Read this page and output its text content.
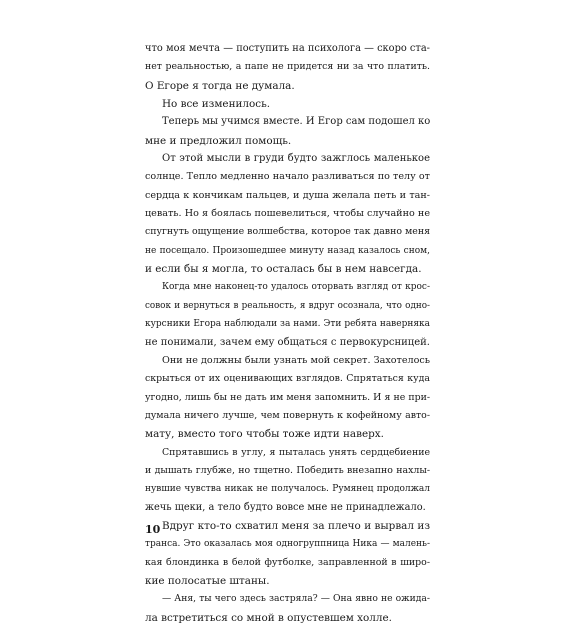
что моя мечта — поступить на психолога — скоро ста-
нет реальностью, а папе не придется ни за что платить.
О Егоре я тогда не думала.
Но все изменилось.
Теперь мы учимся вместе. И Егор сам подошел ко
мне и предложил помощь.
От этой мысли в груди будто зажглось маленькое
солнце. Тепло медленно начало разливаться по телу от
сердца к кончикам пальцев, и душа желала петь и тан-
цевать. Но я боялась пошевелиться, чтобы случайно не
спугнуть ощущение волшебства, которое так давно меня
не посещало. Произошедшее минуту назад казалось сном,
и если бы я могла, то осталась бы в нем навсегда.
Когда мне наконец-то удалось оторвать взгляд от крос-
совок и вернуться в реальность, я вдруг осознала, что одно-
курсники Егора наблюдали за нами. Эти ребята наверняка
не понимали, зачем ему общаться с первокурсницей.
Они не должны были узнать мой секрет. Захотелось
скрыться от их оценивающих взглядов. Спрятаться куда
угодно, лишь бы не дать им меня запомнить. И я не при-
думала ничего лучше, чем повернуть к кофейному авто-
мату, вместо того чтобы тоже идти наверх.
Спрятавшись в углу, я пыталась унять сердцебиение
и дышать глубже, но тщетно. Победить внезапно нахлы-
нувшие чувства никак не получалось. Румянец продолжал
жечь щеки, а тело будто вовсе мне не принадлежало.
Вдруг кто-то схватил меня за плечо и вырвал из
транса. Это оказалась моя одногруппница Ника — малень-
кая блондинка в белой футболке, заправленной в широ-
кие полосатые штаны.
— Аня, ты чего здесь застряла? — Она явно не ожида-
ла встретиться со мной в опустевшем холле.
10
